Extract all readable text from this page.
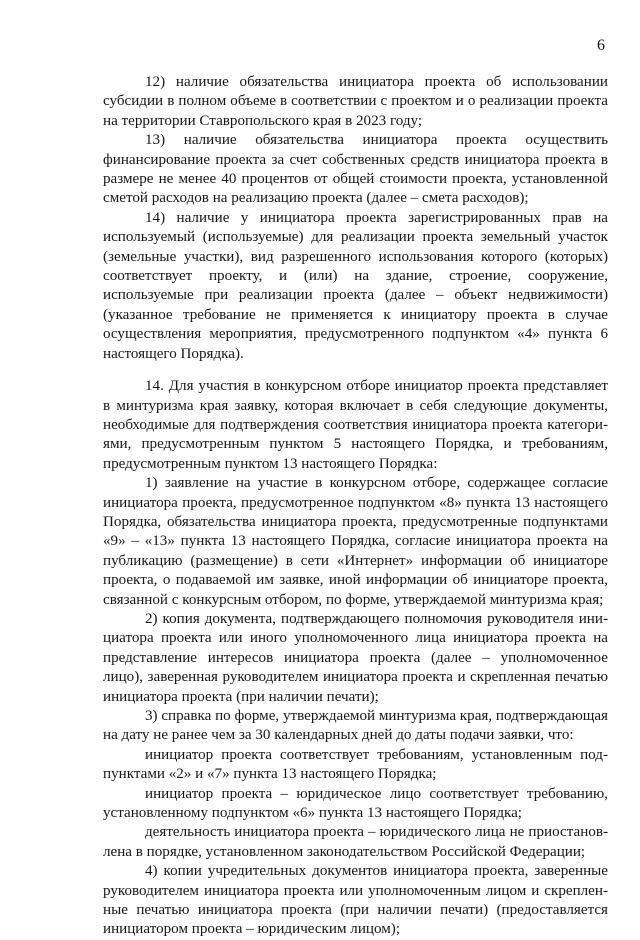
6

12) наличие обязательства инициатора проекта об использовании субсидии в полном объеме в соответствии с проектом и о реализации проекта на территории Ставропольского края в 2023 году;

13) наличие обязательства инициатора проекта осуществить финансирование проекта за счет собственных средств инициатора проекта в размере не менее 40 процентов от общей стоимости проекта, установленной сметой расходов на реализацию проекта (далее – смета расходов);

14) наличие у инициатора проекта зарегистрированных прав на используемый (используемые) для реализации проекта земельный участок (земельные участки), вид разрешенного использования которого (которых) соответствует проекту, и (или) на здание, строение, сооружение, используемые при реализации проекта (далее – объект недвижимости) (указанное требование не применяется к инициатору проекта в случае осуществления мероприятия, предусмотренного подпунктом «4» пункта 6 настоящего Порядка).

14. Для участия в конкурсном отборе инициатор проекта представляет в минтуризма края заявку, которая включает в себя следующие документы, необходимые для подтверждения соответствия инициатора проекта категориями, предусмотренным пунктом 5 настоящего Порядка, и требованиям, предусмотренным пунктом 13 настоящего Порядка:

1) заявление на участие в конкурсном отборе, содержащее согласие инициатора проекта, предусмотренное подпунктом «8» пункта 13 настоящего Порядка, обязательства инициатора проекта, предусмотренные подпунктами «9» – «13» пункта 13 настоящего Порядка, согласие инициатора проекта на публикацию (размещение) в сети «Интернет» информации об инициаторе проекта, о подаваемой им заявке, иной информации об инициаторе проекта, связанной с конкурсным отбором, по форме, утверждаемой минтуризма края;

2) копия документа, подтверждающего полномочия руководителя инициатора проекта или иного уполномоченного лица инициатора проекта на представление интересов инициатора проекта (далее – уполномоченное лицо), заверенная руководителем инициатора проекта и скрепленная печатью инициатора проекта (при наличии печати);

3) справка по форме, утверждаемой минтуризма края, подтверждающая на дату не ранее чем за 30 календарных дней до даты подачи заявки, что:

инициатор проекта соответствует требованиям, установленным подпунктами «2» и «7» пункта 13 настоящего Порядка;

инициатор проекта – юридическое лицо соответствует требованию, установленному подпунктом «6» пункта 13 настоящего Порядка;

деятельность инициатора проекта – юридического лица не приостановлена в порядке, установленном законодательством Российской Федерации;

4) копии учредительных документов инициатора проекта, заверенные руководителем инициатора проекта или уполномоченным лицом и скрепленные печатью инициатора проекта (при наличии печати) (предоставляется инициатором проекта – юридическим лицом);
